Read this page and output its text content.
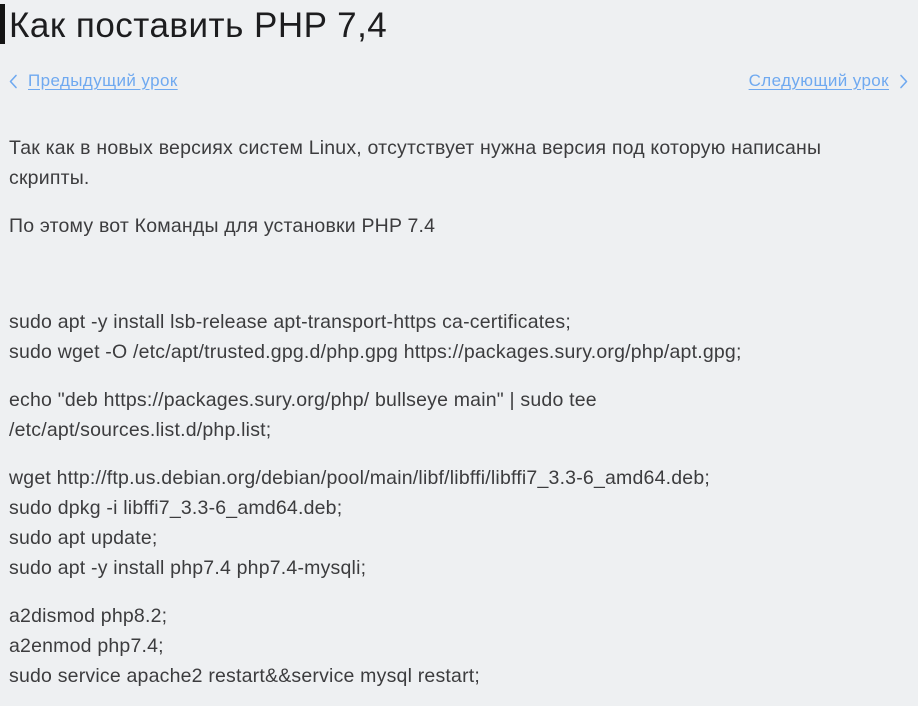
Как поставить PHP 7,4
Предыдущий урок	Следующий урок
Так как в новых версиях систем Linux, отсутствует нужна версия под которую написаны
скрипты.
По этому вот Команды для установки PHP 7.4
sudo apt -y install lsb-release apt-transport-https ca-certificates;
sudo wget -O /etc/apt/trusted.gpg.d/php.gpg https://packages.sury.org/php/apt.gpg;
echo "deb https://packages.sury.org/php/ bullseye main" | sudo tee
/etc/apt/sources.list.d/php.list;
wget http://ftp.us.debian.org/debian/pool/main/libf/libffi/libffi7_3.3-6_amd64.deb;
sudo dpkg -i libffi7_3.3-6_amd64.deb;
sudo apt update;
sudo apt -y install php7.4 php7.4-mysqli;
a2dismod php8.2;
a2enmod php7.4;
sudo service apache2 restart&&service mysql restart;
